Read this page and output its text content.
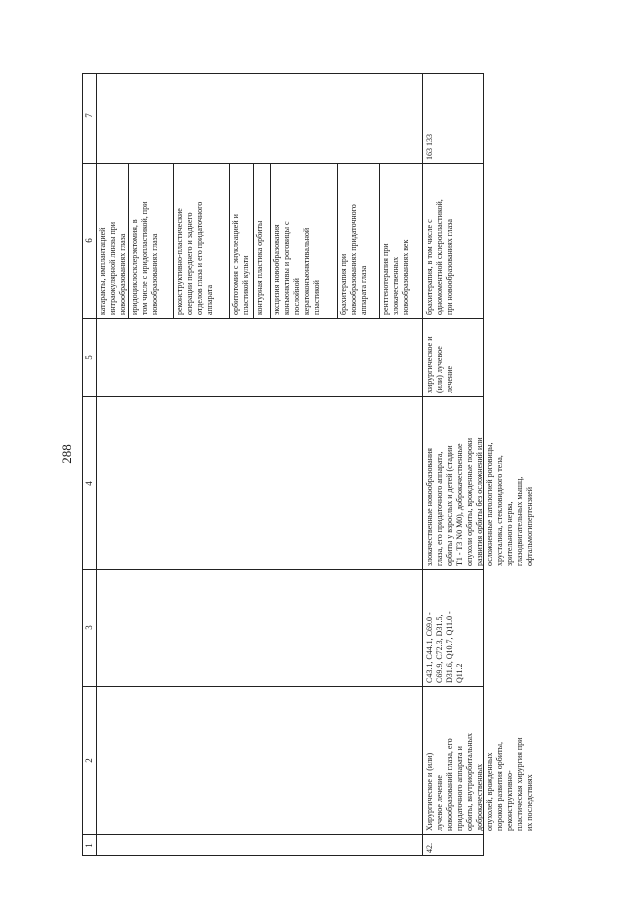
288
7
6
5
4
3
2
1	42.
Хирургическое и (или) лучевое лечение новообразований глаза, его придаточного аппарата и орбиты, внутриорбитальных доброкачественных опухолей, врожденных пороков развития орбиты, реконструктивно- пластическая хирургия при их последствиях
C43.1, C44.1, C69.0 - C69.9, C72.3, D31.5, D31.6, Q10.7, Q11.0 - Q11.2
злокачественные новообразования глаза, его придаточного аппарата, орбиты у взрослых и детей (стадии T1 - T3 N0 M0), доброкачественные опухоли орбиты, врожденные пороки развития орбиты без осложнений или осложненные патологией роговицы, хрусталика, стекловидного тела, зрительного нерва, глазодвигательных мышц, офтальмогипертензией
хирургическое и (или) лучевое лечение
брахитерапия, в том числе с одномоментной склеропластикой, при новообразованиях глаза
163 133
катаракты, имплантацией интраокулярной линзы при новообразованиях глаза иридоциклосклерэктомия, в том числе с иридопластикой, при новообразованиях глаза реконструктивно-пластические операции переднего и заднего отделов глаза и его придаточного аппарата орбитотомия с энуклеацией и пластикой культи контурная пластика орбиты эксцизия новообразования конъюнктивы и роговицы с послойной кератоконъюнктивальной пластикой брахитерапия при новообразованиях придаточного аппарата глаза рентгенотерапия при злокачественных новообразованиях век
